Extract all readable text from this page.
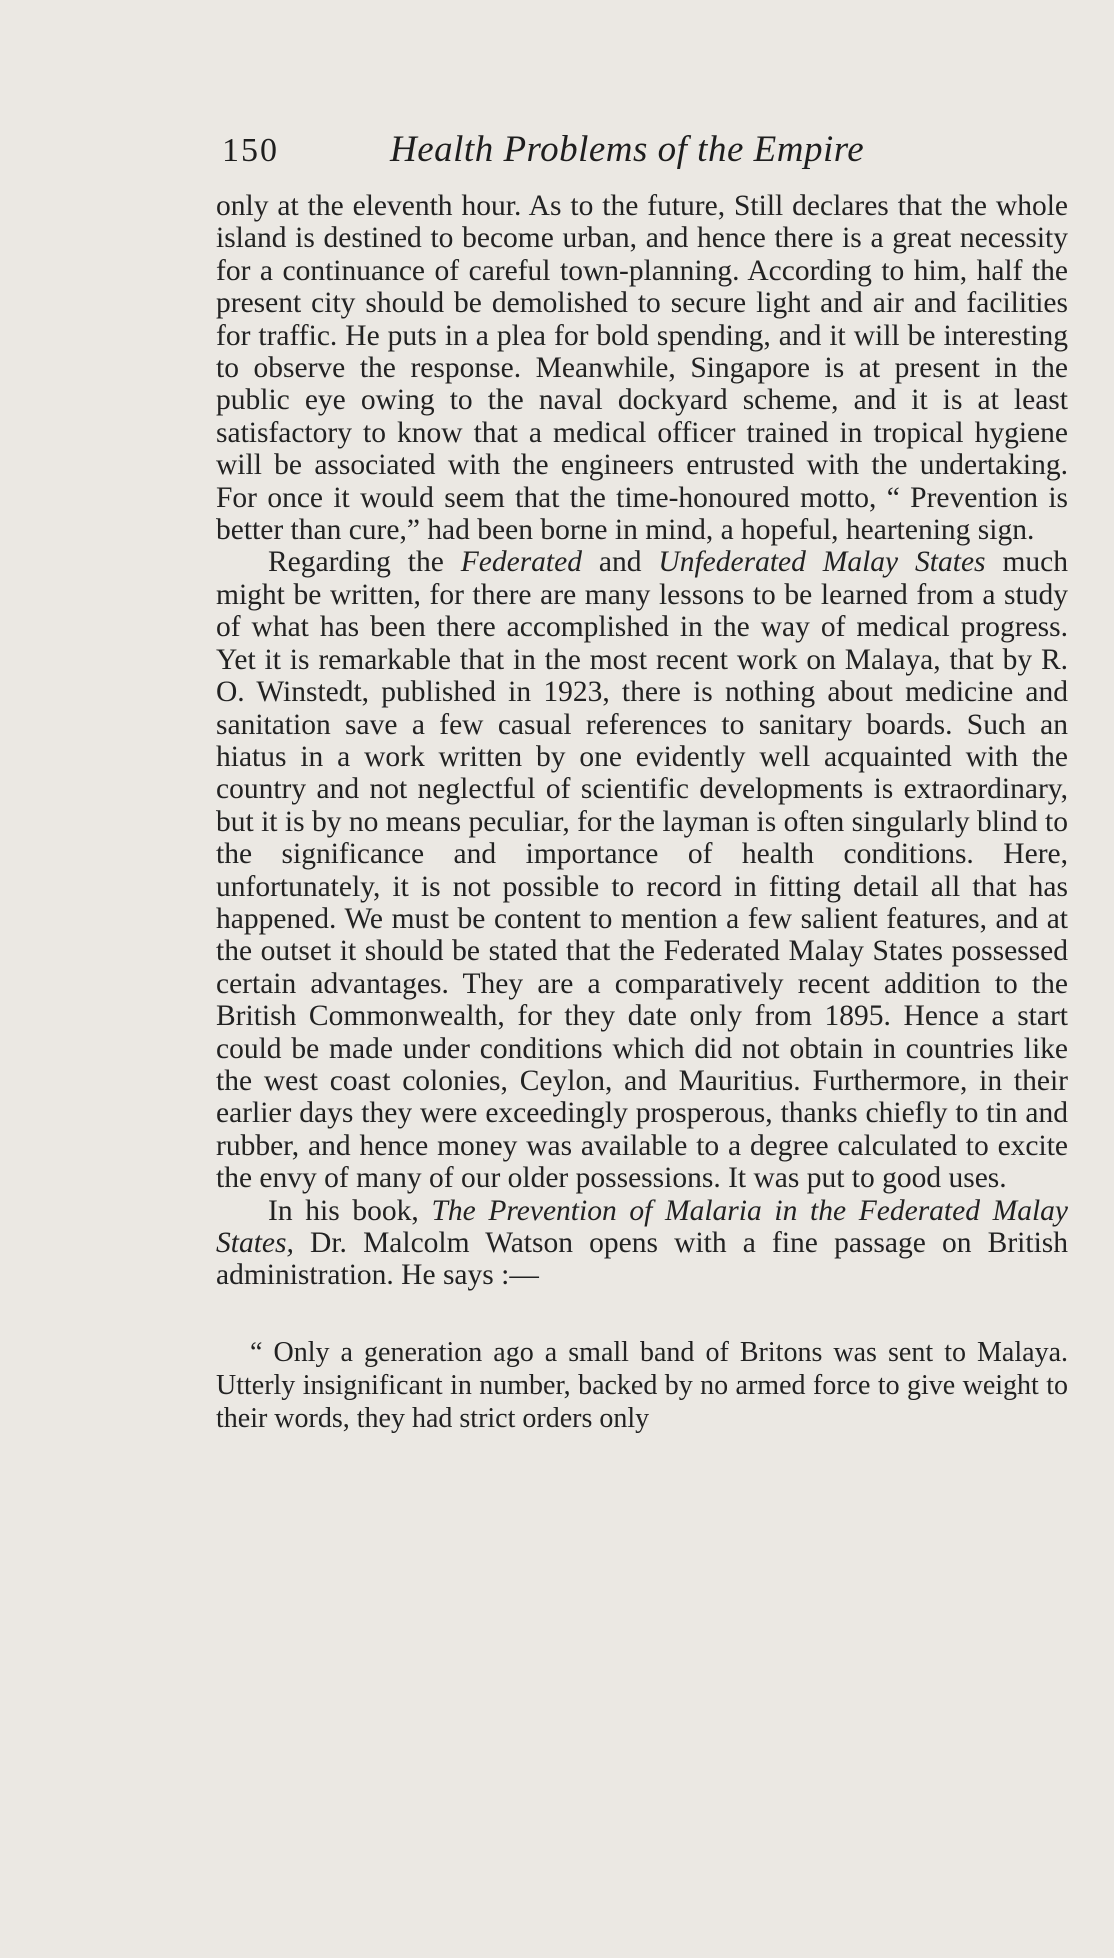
150	Health Problems of the Empire

only at the eleventh hour. As to the future, Still declares that the whole island is destined to become urban, and hence there is a great necessity for a continuance of careful town-planning. According to him, half the present city should be demolished to secure light and air and facilities for traffic. He puts in a plea for bold spending, and it will be interesting to observe the response. Meanwhile, Singapore is at present in the public eye owing to the naval dockyard scheme, and it is at least satisfactory to know that a medical officer trained in tropical hygiene will be associated with the engineers entrusted with the undertaking. For once it would seem that the time-honoured motto, “ Prevention is better than cure,” had been borne in mind, a hopeful, heartening sign.

Regarding the Federated and Unfederated Malay States much might be written, for there are many lessons to be learned from a study of what has been there accomplished in the way of medical progress. Yet it is remarkable that in the most recent work on Malaya, that by R. O. Winstedt, published in 1923, there is nothing about medicine and sanitation save a few casual references to sanitary boards. Such an hiatus in a work written by one evidently well acquainted with the country and not neglectful of scientific developments is extraordinary, but it is by no means peculiar, for the layman is often singularly blind to the significance and importance of health conditions. Here, unfortunately, it is not possible to record in fitting detail all that has happened. We must be content to mention a few salient features, and at the outset it should be stated that the Federated Malay States possessed certain advantages. They are a comparatively recent addition to the British Commonwealth, for they date only from 1895. Hence a start could be made under conditions which did not obtain in countries like the west coast colonies, Ceylon, and Mauritius. Furthermore, in their earlier days they were exceedingly prosperous, thanks chiefly to tin and rubber, and hence money was available to a degree calculated to excite the envy of many of our older possessions. It was put to good uses.

In his book, The Prevention of Malaria in the Federated Malay States, Dr. Malcolm Watson opens with a fine passage on British administration. He says :—

“ Only a generation ago a small band of Britons was sent to Malaya. Utterly insignificant in number, backed by no armed force to give weight to their words, they had strict orders only
